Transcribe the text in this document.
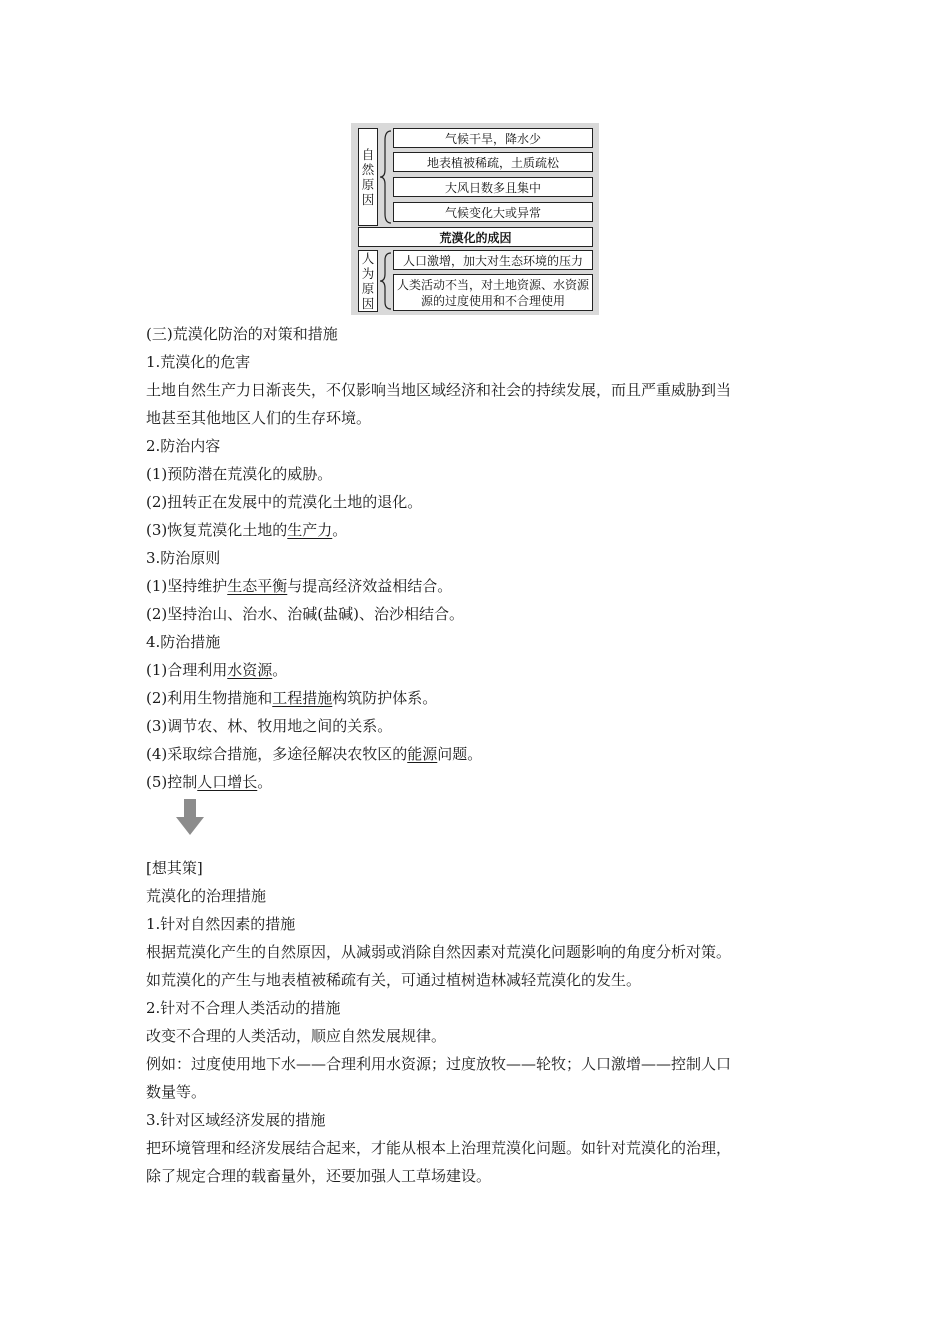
自
然
原
因
气候干旱，降水少
地表植被稀疏，土质疏松
大风日数多且集中
气候变化大或异常
荒漠化的成因
人
为
原
因
人口激增，加大对生态环境的压力
人类活动不当，对土地资源、水资源
源的过度使用和不合理使用
(三)荒漠化防治的对策和措施
1.荒漠化的危害
土地自然生产力日渐丧失，不仅影响当地区域经济和社会的持续发展，而且严重威胁到当
地甚至其他地区人们的生存环境。
2.防治内容
(1)预防潜在荒漠化的威胁。
(2)扭转正在发展中的荒漠化土地的退化。
(3)恢复荒漠化土地的生产力。
3.防治原则
(1)坚持维护生态平衡与提高经济效益相结合。
(2)坚持治山、治水、治碱(盐碱)、治沙相结合。
4.防治措施
(1)合理利用水资源。
(2)利用生物措施和工程措施构筑防护体系。
(3)调节农、林、牧用地之间的关系。
(4)采取综合措施，多途径解决农牧区的能源问题。
(5)控制人口增长。
[想其策]
荒漠化的治理措施
1.针对自然因素的措施
根据荒漠化产生的自然原因，从减弱或消除自然因素对荒漠化问题影响的角度分析对策。
如荒漠化的产生与地表植被稀疏有关，可通过植树造林减轻荒漠化的发生。
2.针对不合理人类活动的措施
改变不合理的人类活动，顺应自然发展规律。
例如：过度使用地下水——合理利用水资源；过度放牧——轮牧；人口激增——控制人口
数量等。
3.针对区域经济发展的措施
把环境管理和经济发展结合起来，才能从根本上治理荒漠化问题。如针对荒漠化的治理，
除了规定合理的载畜量外，还要加强人工草场建设。
